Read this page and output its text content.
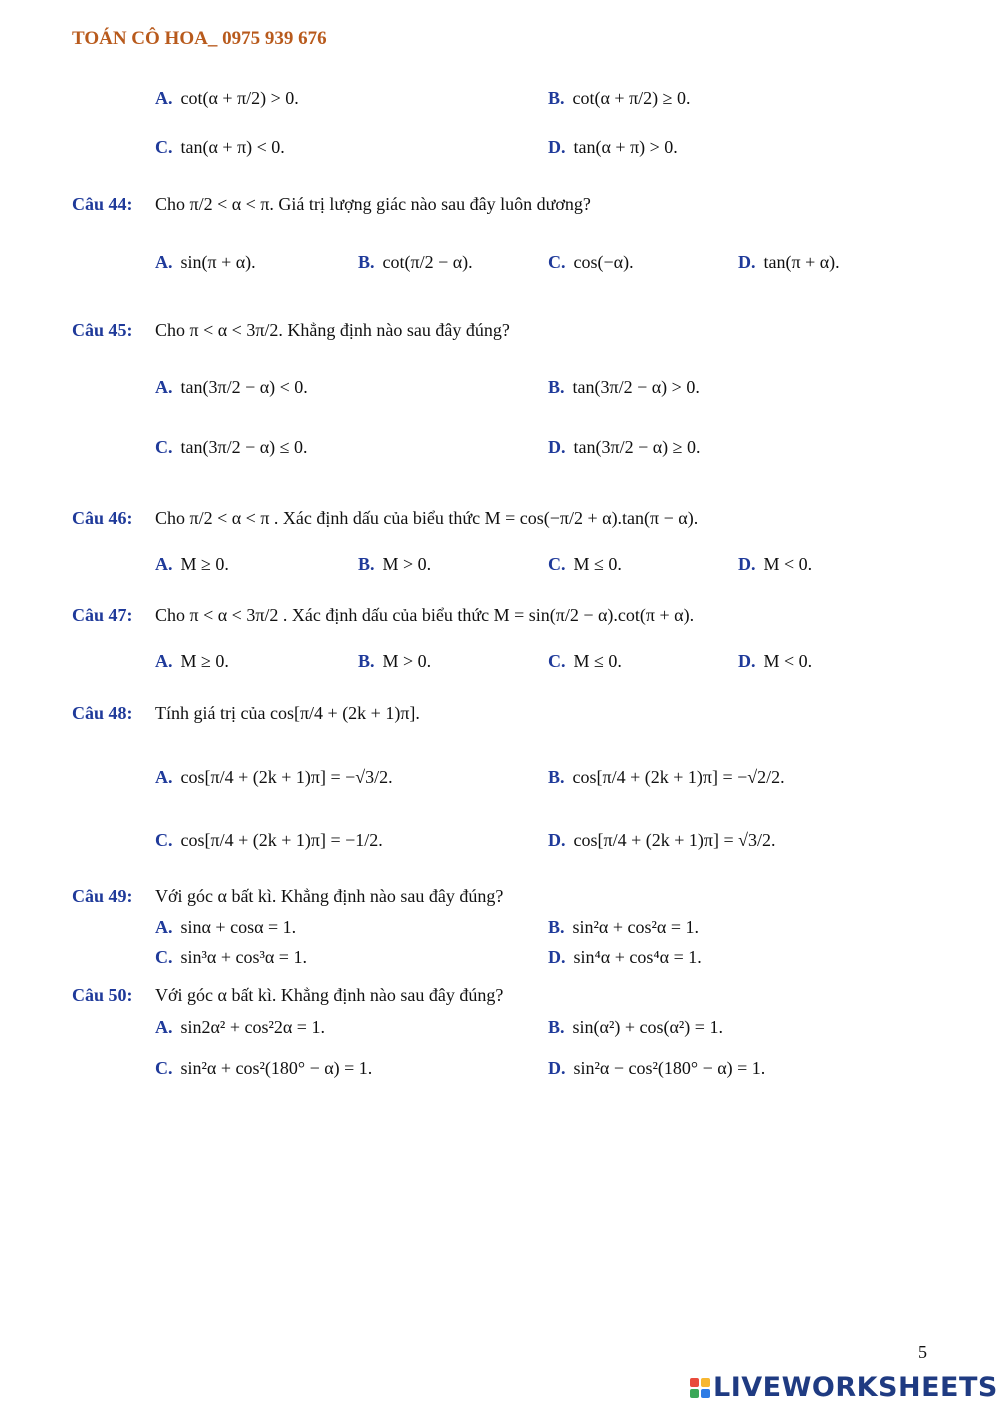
TOÁN CÔ HOA_ 0975 939 676
A. cot(α + π/2) > 0.	B. cot(α + π/2) ≥ 0.
C. tan(α + π) < 0.	D. tan(α + π) > 0.
Câu 44: Cho π/2 < α < π. Giá trị lượng giác nào sau đây luôn dương?
A. sin(π + α).	B. cot(π/2 − α).	C. cos(−α).	D. tan(π + α).
Câu 45: Cho π < α < 3π/2. Khẳng định nào sau đây đúng?
A. tan(3π/2 − α) < 0.	B. tan(3π/2 − α) > 0.
C. tan(3π/2 − α) ≤ 0.	D. tan(3π/2 − α) ≥ 0.
Câu 46: Cho π/2 < α < π . Xác định dấu của biểu thức M = cos(−π/2 + α).tan(π − α).
A. M ≥ 0.	B. M > 0.	C. M ≤ 0.	D. M < 0.
Câu 47: Cho π < α < 3π/2 . Xác định dấu của biểu thức M = sin(π/2 − α).cot(π + α).
A. M ≥ 0.	B. M > 0.	C. M ≤ 0.	D. M < 0.
Câu 48: Tính giá trị của cos[π/4 + (2k + 1)π].
A. cos[π/4 + (2k + 1)π] = −√3/2.	B. cos[π/4 + (2k + 1)π] = −√2/2.
C. cos[π/4 + (2k + 1)π] = −1/2.	D. cos[π/4 + (2k + 1)π] = √3/2.
Câu 49: Với góc α bất kì. Khẳng định nào sau đây đúng?
A. sinα + cosα = 1.	B. sin²α + cos²α = 1.
C. sin³α + cos³α = 1.	D. sin⁴α + cos⁴α = 1.
Câu 50: Với góc α bất kì. Khẳng định nào sau đây đúng?
A. sin2α² + cos²2α = 1.	B. sin(α²) + cos(α²) = 1.
C. sin²α + cos²(180° − α) = 1.	D. sin²α − cos²(180° − α) = 1.
5
LIVEWORKSHEETS
